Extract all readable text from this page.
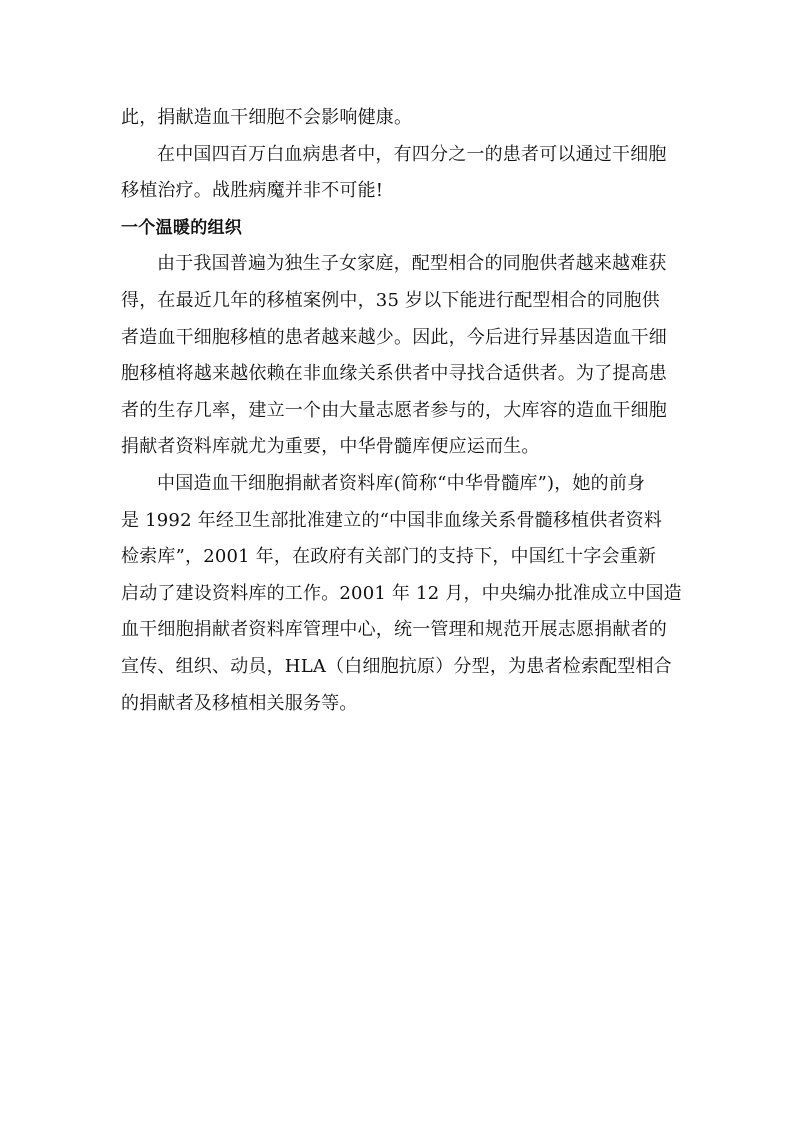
此，捐献造血干细胞不会影响健康。
在中国四百万白血病患者中，有四分之一的患者可以通过干细胞
移植治疗。战胜病魔并非不可能!
一个温暖的组织
由于我国普遍为独生子女家庭，配型相合的同胞供者越来越难获
得，在最近几年的移植案例中，35 岁以下能进行配型相合的同胞供
者造血干细胞移植的患者越来越少。因此，今后进行异基因造血干细
胞移植将越来越依赖在非血缘关系供者中寻找合适供者。为了提高患
者的生存几率，建立一个由大量志愿者参与的，大库容的造血干细胞
捐献者资料库就尤为重要，中华骨髓库便应运而生。
中国造血干细胞捐献者资料库(简称“中华骨髓库”)，她的前身
是 1992 年经卫生部批准建立的“中国非血缘关系骨髓移植供者资料
检索库”，2001 年，在政府有关部门的支持下，中国红十字会重新
启动了建设资料库的工作。2001 年 12 月，中央编办批准成立中国造
血干细胞捐献者资料库管理中心，统一管理和规范开展志愿捐献者的
宣传、组织、动员，HLA（白细胞抗原）分型，为患者检索配型相合
的捐献者及移植相关服务等。
